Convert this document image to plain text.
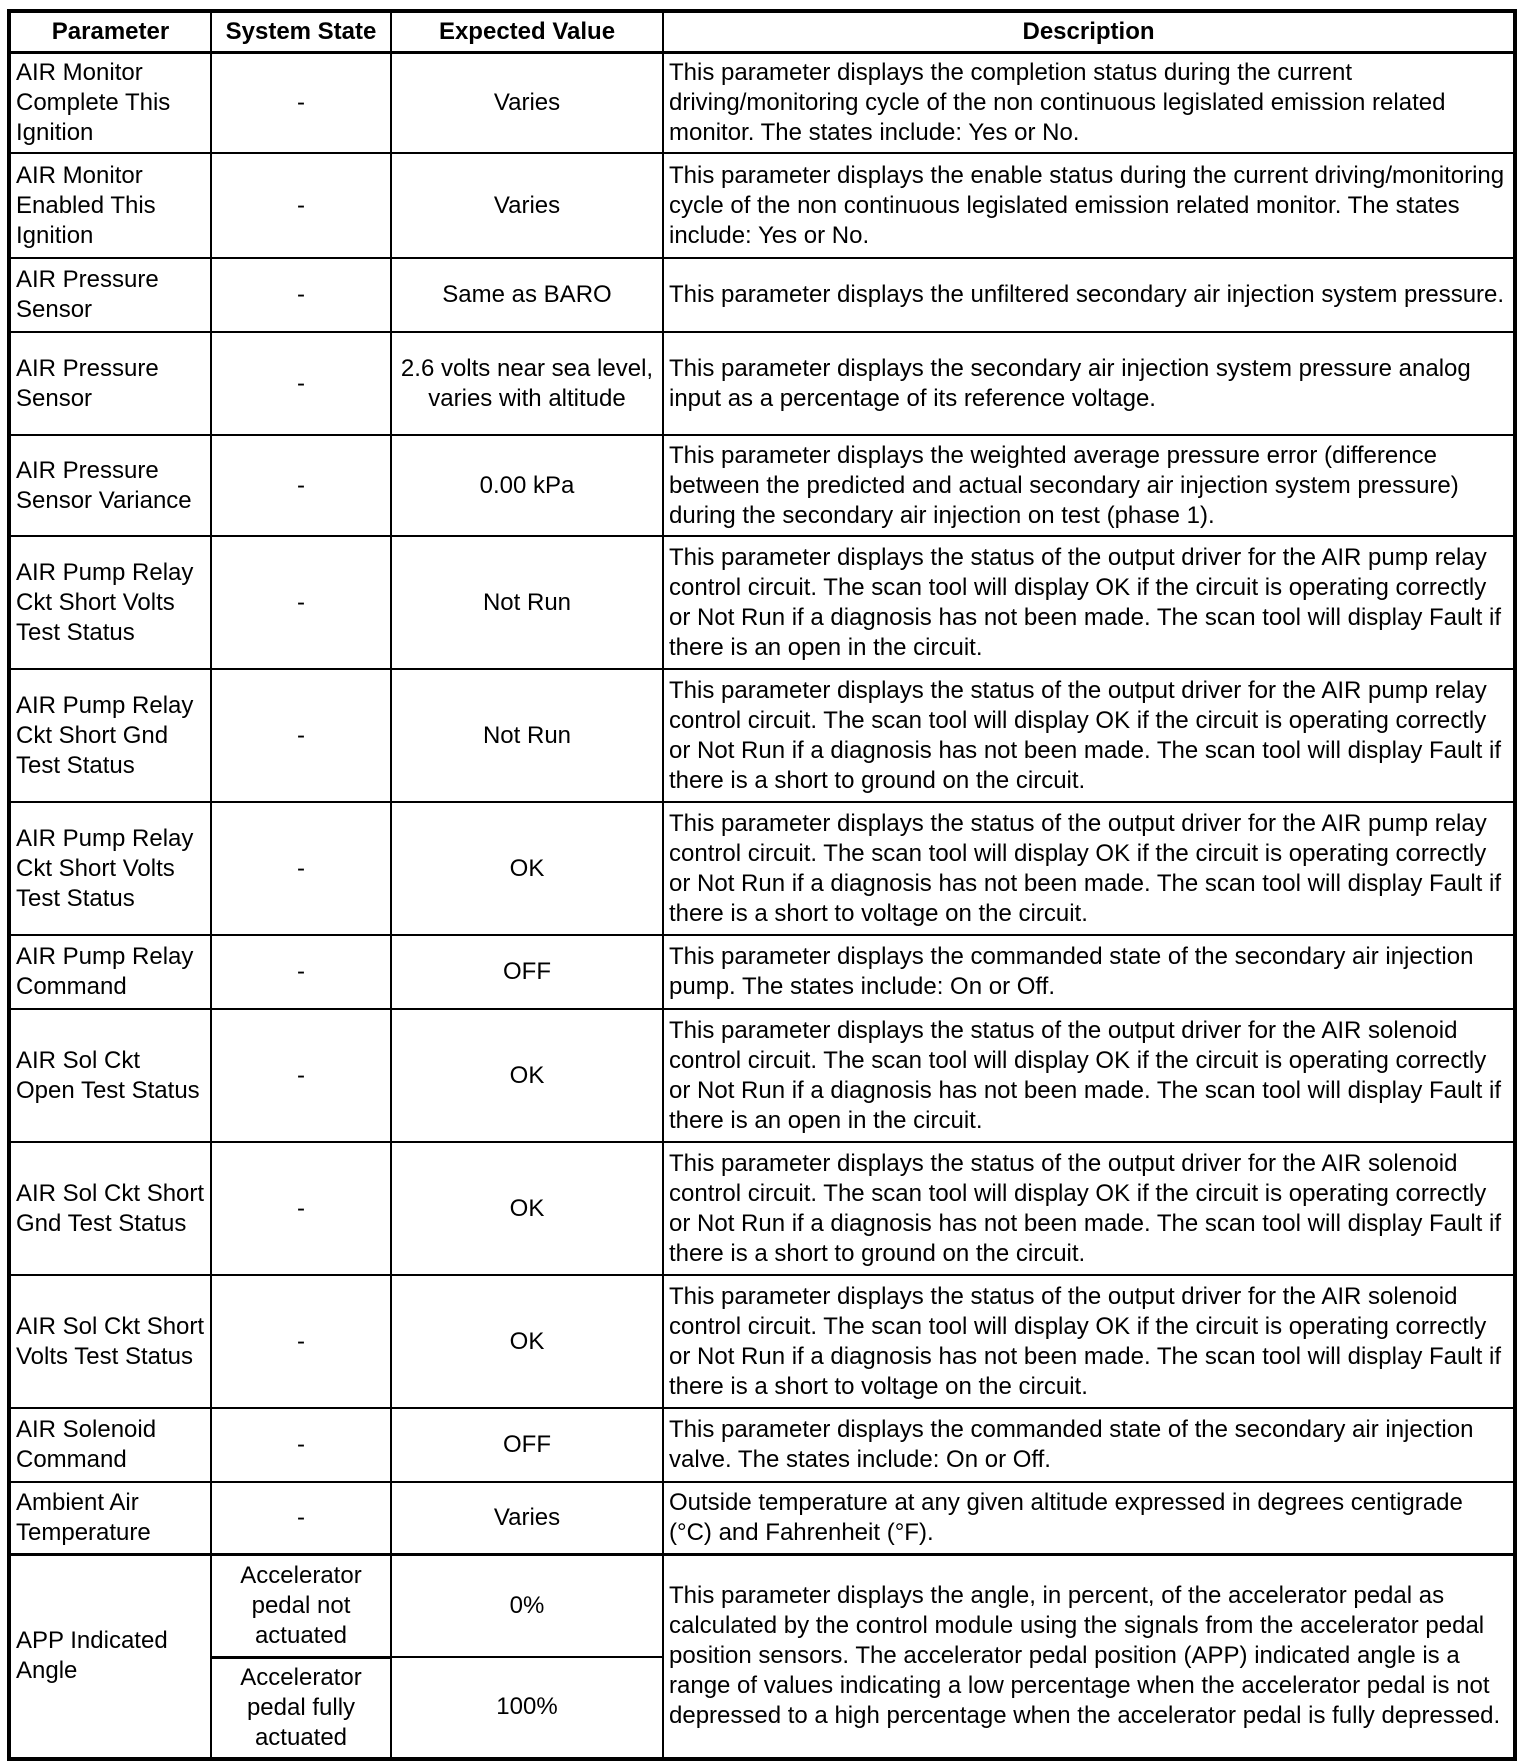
Parameter	System State	Expected Value	Description
AIR Monitor Complete This Ignition	-	Varies	This parameter displays the completion status during the current driving/monitoring cycle of the non continuous legislated emission related monitor. The states include: Yes or No.
AIR Monitor Enabled This Ignition	-	Varies	This parameter displays the enable status during the current driving/monitoring cycle of the non continuous legislated emission related monitor. The states include: Yes or No.
AIR Pressure Sensor	-	Same as BARO	This parameter displays the unfiltered secondary air injection system pressure.
AIR Pressure Sensor	-	2.6 volts near sea level, varies with altitude	This parameter displays the secondary air injection system pressure analog input as a percentage of its reference voltage.
AIR Pressure Sensor Variance	-	0.00 kPa	This parameter displays the weighted average pressure error (difference between the predicted and actual secondary air injection system pressure) during the secondary air injection on test (phase 1).
AIR Pump Relay Ckt Short Volts Test Status	-	Not Run	This parameter displays the status of the output driver for the AIR pump relay control circuit. The scan tool will display OK if the circuit is operating correctly or Not Run if a diagnosis has not been made. The scan tool will display Fault if there is an open in the circuit.
AIR Pump Relay Ckt Short Gnd Test Status	-	Not Run	This parameter displays the status of the output driver for the AIR pump relay control circuit. The scan tool will display OK if the circuit is operating correctly or Not Run if a diagnosis has not been made. The scan tool will display Fault if there is a short to ground on the circuit.
AIR Pump Relay Ckt Short Volts Test Status	-	OK	This parameter displays the status of the output driver for the AIR pump relay control circuit. The scan tool will display OK if the circuit is operating correctly or Not Run if a diagnosis has not been made. The scan tool will display Fault if there is a short to voltage on the circuit.
AIR Pump Relay Command	-	OFF	This parameter displays the commanded state of the secondary air injection pump. The states include: On or Off.
AIR Sol Ckt Open Test Status	-	OK	This parameter displays the status of the output driver for the AIR solenoid control circuit. The scan tool will display OK if the circuit is operating correctly or Not Run if a diagnosis has not been made. The scan tool will display Fault if there is an open in the circuit.
AIR Sol Ckt Short Gnd Test Status	-	OK	This parameter displays the status of the output driver for the AIR solenoid control circuit. The scan tool will display OK if the circuit is operating correctly or Not Run if a diagnosis has not been made. The scan tool will display Fault if there is a short to ground on the circuit.
AIR Sol Ckt Short Volts Test Status	-	OK	This parameter displays the status of the output driver for the AIR solenoid control circuit. The scan tool will display OK if the circuit is operating correctly or Not Run if a diagnosis has not been made. The scan tool will display Fault if there is a short to voltage on the circuit.
AIR Solenoid Command	-	OFF	This parameter displays the commanded state of the secondary air injection valve. The states include: On or Off.
Ambient Air Temperature	-	Varies	Outside temperature at any given altitude expressed in degrees centigrade (°C) and Fahrenheit (°F).
APP Indicated Angle	Accelerator pedal not actuated	0%	This parameter displays the angle, in percent, of the accelerator pedal as calculated by the control module using the signals from the accelerator pedal position sensors. The accelerator pedal position (APP) indicated angle is a range of values indicating a low percentage when the accelerator pedal is not depressed to a high percentage when the accelerator pedal is fully depressed.
	Accelerator pedal fully actuated	100%	
